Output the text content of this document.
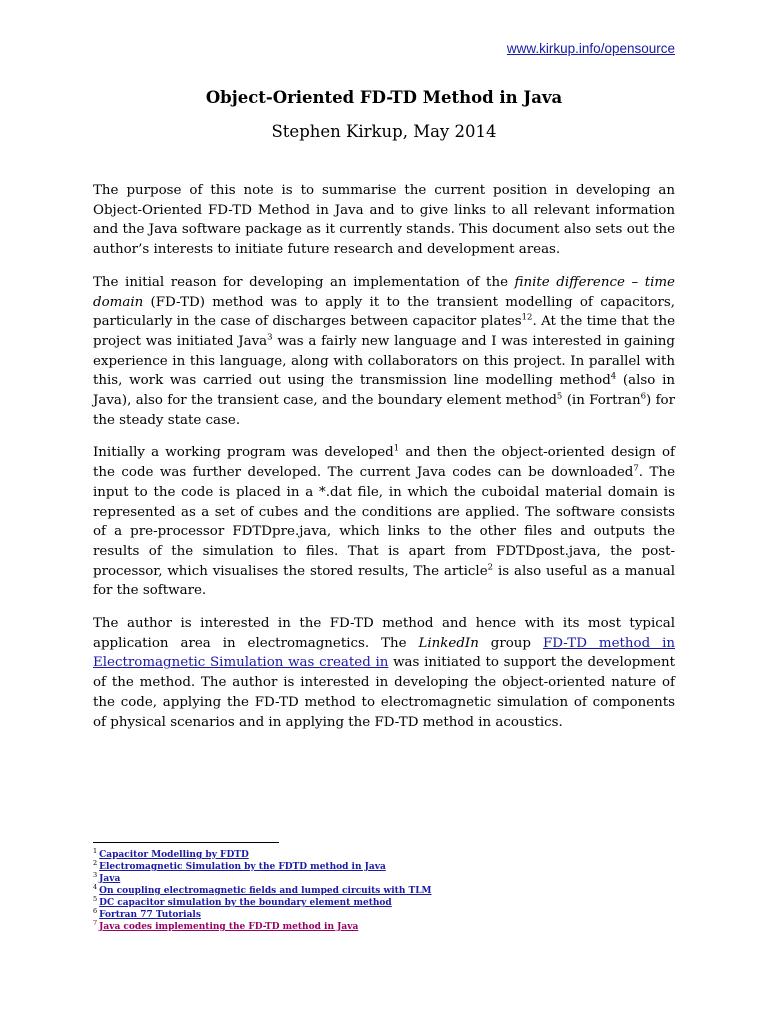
www.kirkup.info/opensource
Object-Oriented FD-TD Method in Java
Stephen Kirkup, May 2014

The purpose of this note is to summarise the current position in developing an Object-Oriented FD-TD Method in Java and to give links to all relevant information and the Java software package as it currently stands. This document also sets out the author’s interests to initiate future research and development areas.

The initial reason for developing an implementation of the finite difference – time domain (FD-TD) method was to apply it to the transient modelling of capacitors, particularly in the case of discharges between capacitor plates$^{12}$. At the time that the project was initiated Java$^3$ was a fairly new language and I was interested in gaining experience in this language, along with collaborators on this project. In parallel with this, work was carried out using the transmission line modelling method$^4$ (also in Java), also for the transient case, and the boundary element method$^5$ (in Fortran$^6$) for the steady state case.

Initially a working program was developed$^1$ and then the object-oriented design of the code was further developed. The current Java codes can be downloaded$^7$. The input to the code is placed in a *.dat file, in which the cuboidal material domain is represented as a set of cubes and the conditions are applied. The software consists of a pre-processor FDTDpre.java, which links to the other files and outputs the results of the simulation to files. That is apart from FDTDpost.java, the post-processor, which visualises the stored results, The article$^2$ is also useful as a manual for the software.

The author is interested in the FD-TD method and hence with its most typical application area in electromagnetics. The LinkedIn group FD-TD method in Electromagnetic Simulation was created in was initiated to support the development of the method. The author is interested in developing the object-oriented nature of the code, applying the FD-TD method to electromagnetic simulation of components of physical scenarios and in applying the FD-TD method in acoustics.

$^1$ Capacitor Modelling by FDTD
$^2$ Electromagnetic Simulation by the FDTD method in Java
$^3$ Java
$^4$ On coupling electromagnetic fields and lumped circuits with TLM
$^5$ DC capacitor simulation by the boundary element method
$^6$ Fortran 77 Tutorials
$^7$ Java codes implementing the FD-TD method in Java
